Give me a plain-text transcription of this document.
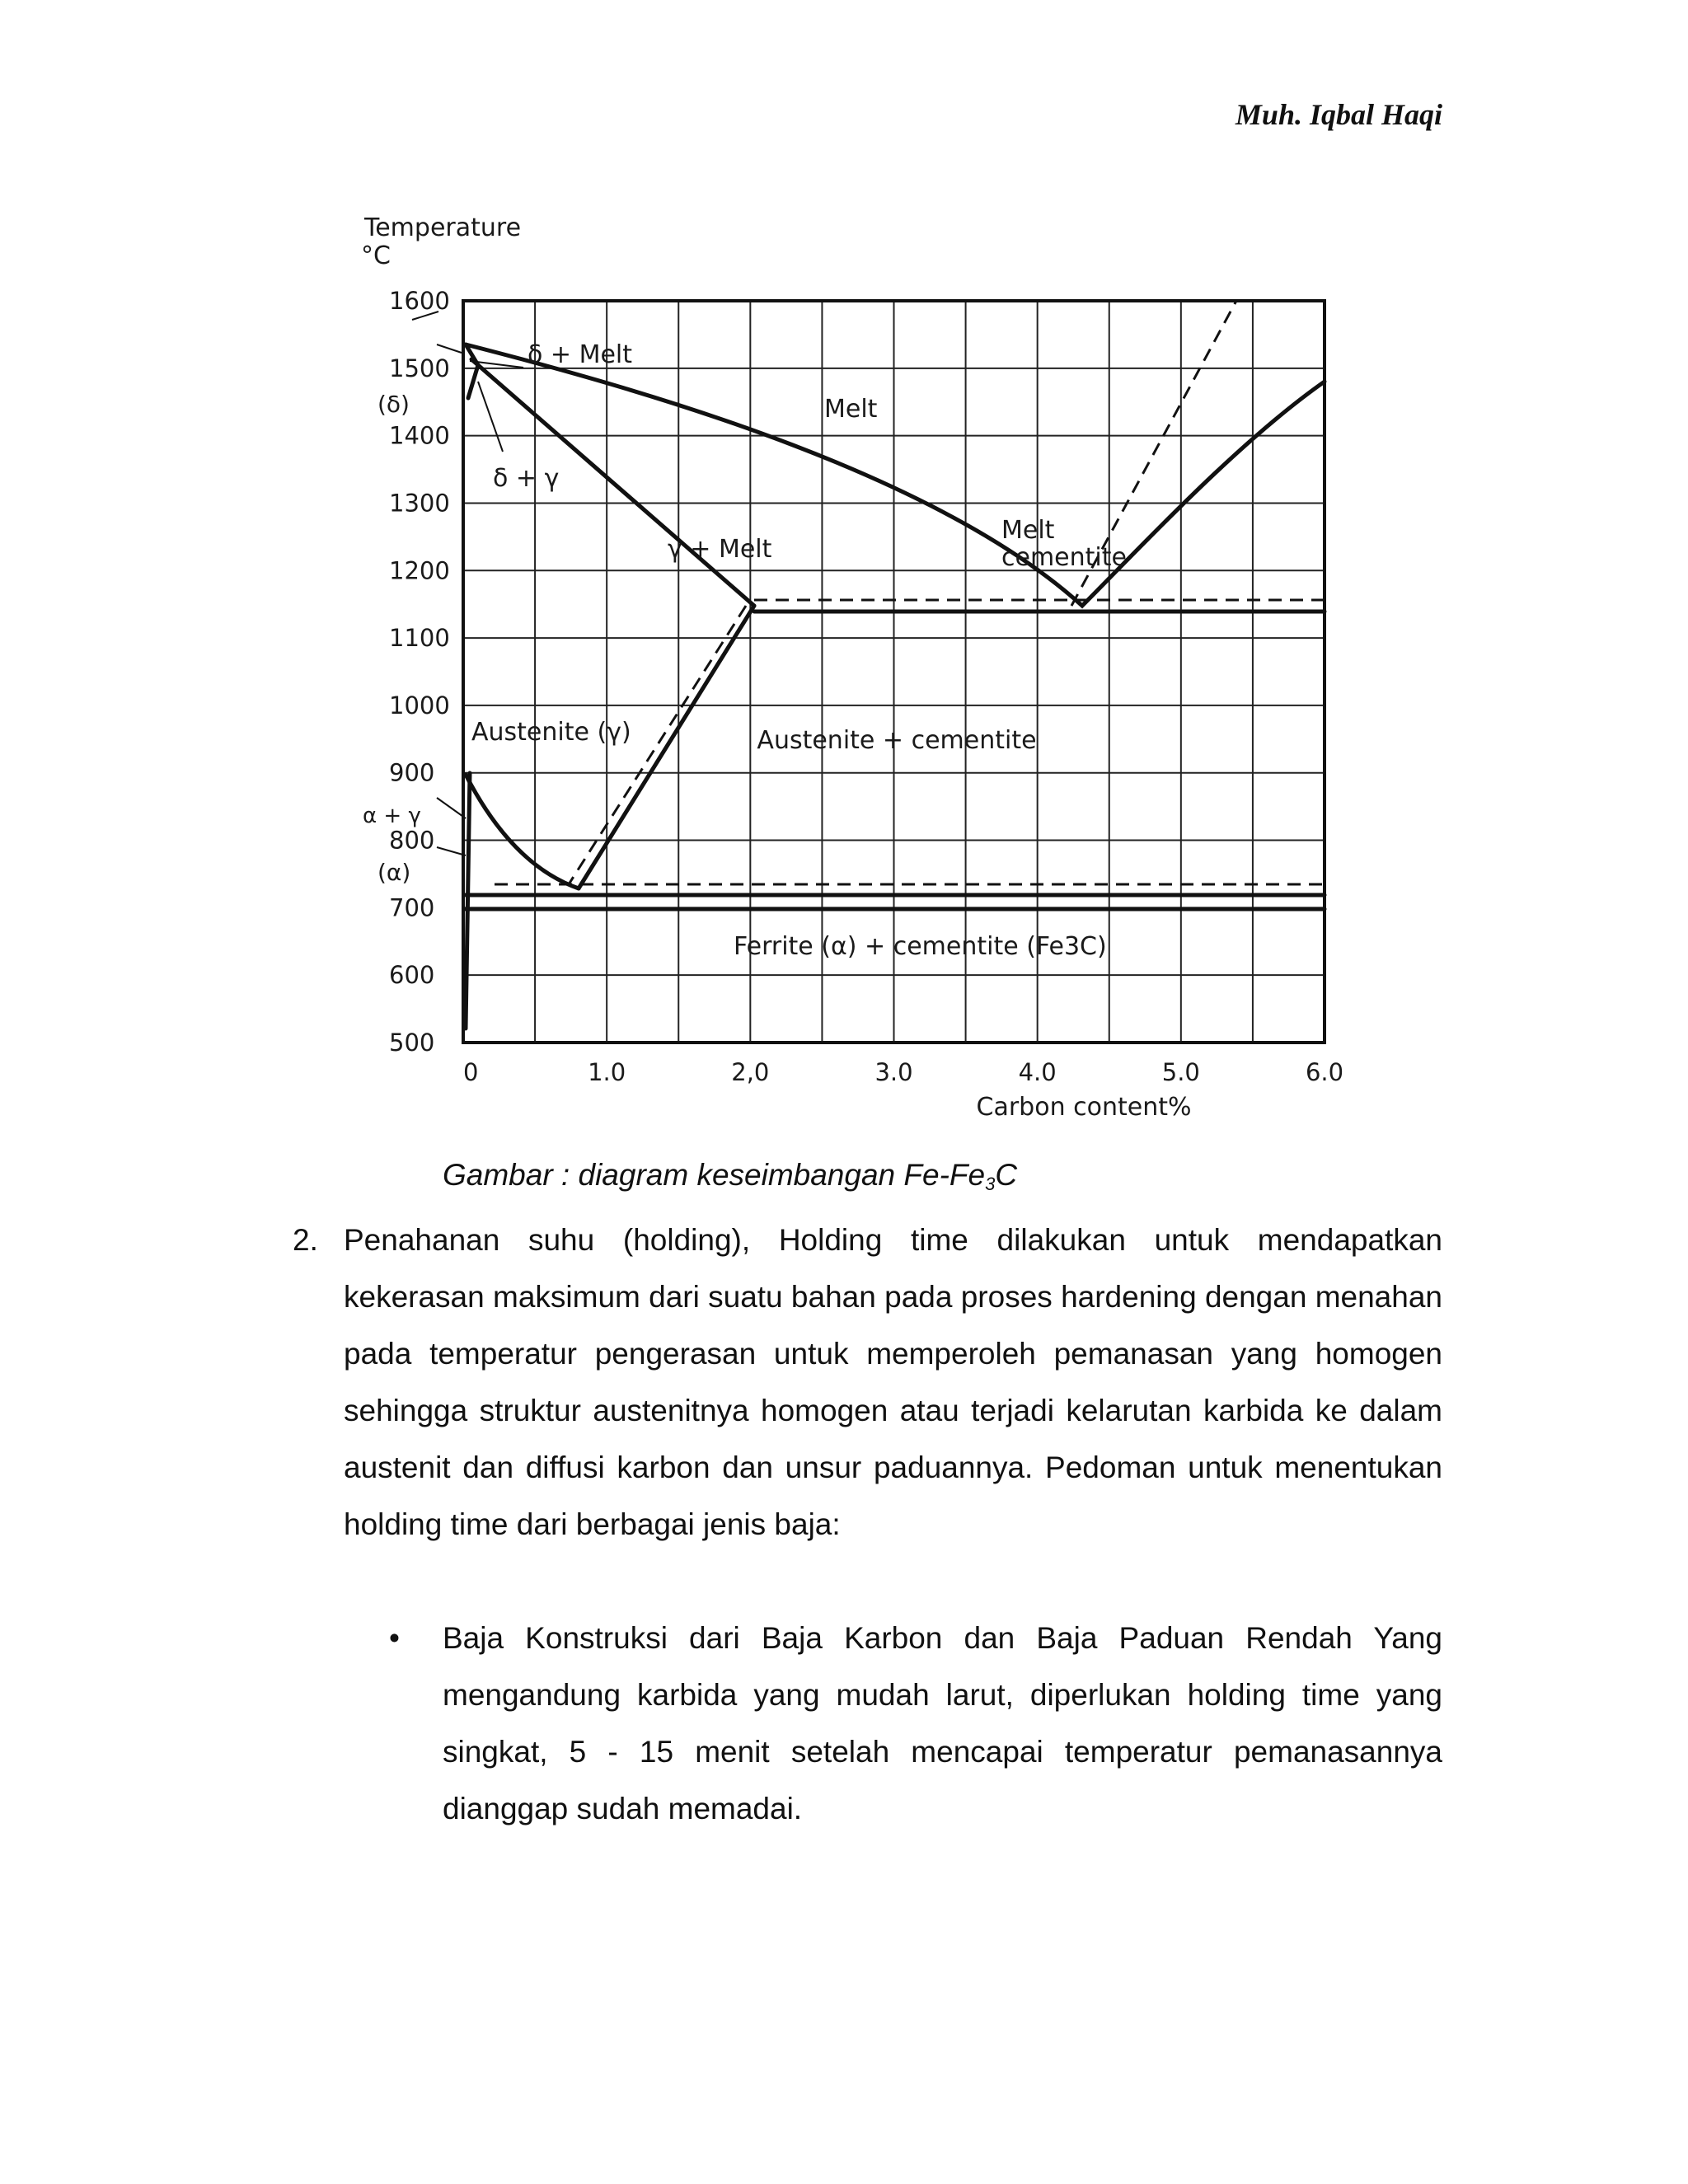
Muh. Iqbal Haqi
Temperature
°C
Carbon content%
1600
1500
1400
1300
1200
1100
1000
900
800
700
600
500
0	1.0	2,0	3.0	4.0	5.0	6.0
δ + Melt
Melt
δ + γ
γ + Melt
Melt cementite
Austenite (γ)	Austenite + cementite
Ferrite (α) + cementite (Fe3C)
(δ)
α + γ
(α)
Gambar : diagram keseimbangan $Fe-Fe_3C$
2. Penahanan suhu (holding), Holding time dilakukan untuk mendapatkan kekerasan maksimum dari suatu bahan pada proses hardening dengan menahan pada temperatur pengerasan untuk memperoleh pemanasan yang homogen sehingga struktur austenitnya homogen atau terjadi kelarutan karbida ke dalam austenit dan diffusi karbon dan unsur paduannya. Pedoman untuk menentukan holding time dari berbagai jenis baja:
• Baja Konstruksi dari Baja Karbon dan Baja Paduan Rendah Yang mengandung karbida yang mudah larut, diperlukan holding time yang singkat, 5 - 15 menit setelah mencapai temperatur pemanasannya dianggap sudah memadai.
